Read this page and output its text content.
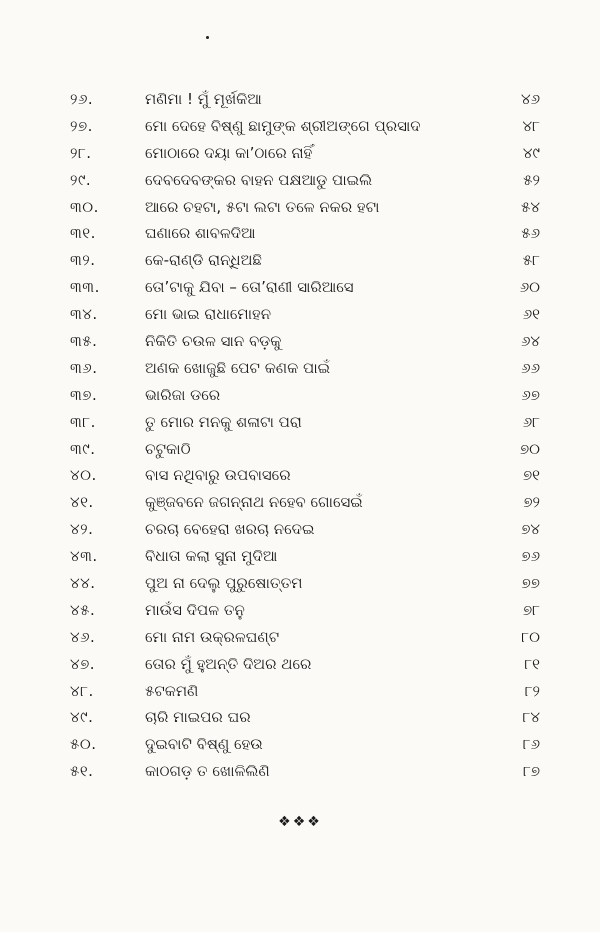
୨୬.	ମଣିମା ! ମୁଁ ମୂର୍ଖକିଆ	୪୬
୨୭.	ମୋ ଦେହେ ବିଷ୍ଣୁ ଛାମୁଙ୍କ ଶ୍ରୀଅଙ୍ଗେ ପ୍ରସାଦ	୪୮
୨୮.	ମୋଠାରେ ଦୟା କା’ଠାରେ ନାହିଁ	୪୯
୨୯.	ଦେବଦେବଙ୍କର ବାହନ ପକ୍ଷଆଡୁ ପାଇଲି	୫୨
୩୦.	ଆରେ ଚହଟା, ୫ଟା ଲଟା ତଳେ ନକର ହଟା	୫୪
୩୧.	ଘଣାରେ ଶାବଳଦିଆ	୫୬
୩୨.	କେ-ରାଣ୍ଡି ରାନ୍ଧିଅଛି	୫୮
୩୩.	ତୋ’ଟାକୁ ଯିବା – ତୋ’ରାଣୀ ସାରିଆସେ	୬୦
୩୪.	ମୋ ଭାଇ ରାଧାମୋହନ	୬୧
୩୫.	ନିକିତି ଚଉଳ ସାନ ବଡ଼କୁ	୬୪
୩୬.	ଅଣକ ଖୋଜୁଛି ପେଟ କଣକ ପାଇଁ	୬୬
୩୭.	ଭାରିଜା ଡରେ	୬୭
୩୮.	ତୁ ମୋର ମନକୁ ଶଳାଟା ପରା	୬୮
୩୯.	ଚଟୁକାଠି	୭୦
୪୦.	ବାସ ନଥିବାରୁ ଉପବାସରେ	୭୧
୪୧.	କୁଞ୍ଜବନେ ଜଗନ୍ନାଥ ନହେବ ଗୋସେଇଁ	୭୨
୪୨.	ଚରଚା ବେହେରା ଖରଚା ନଦେଇ	୭୪
୪୩.	ବିଧାତା କଲା ସୁନା ମୁଦିଆ	୭୬
୪୪.	ପୁଅ ନା ଦେଲୁ ପୁରୁଷୋତ୍ତମ	୭୭
୪୫.	ମାଉଁସ ଦିପଳ ତନୁ	୭୮
୪୬.	ମୋ ନାମ ଉକ୍ରଳଘଣ୍ଟ	୮୦
୪୭.	ତୋର ମୁଁ ହୁଅନ୍ତି ଦିଅର ଥରେ	୮୧
୪୮.	୫ଟକମଣି	୮୨
୪୯.	ଚାରି ମାଇପର ଘର	୮୪
୫୦.	ଦୁଇବାଟି ବିଷ୍ଣୁ ହେଉ	୮୬
୫୧.	କାଠଗଡ଼ ତ ଖୋଳିଲିଣି	୮୭
❖❖❖
